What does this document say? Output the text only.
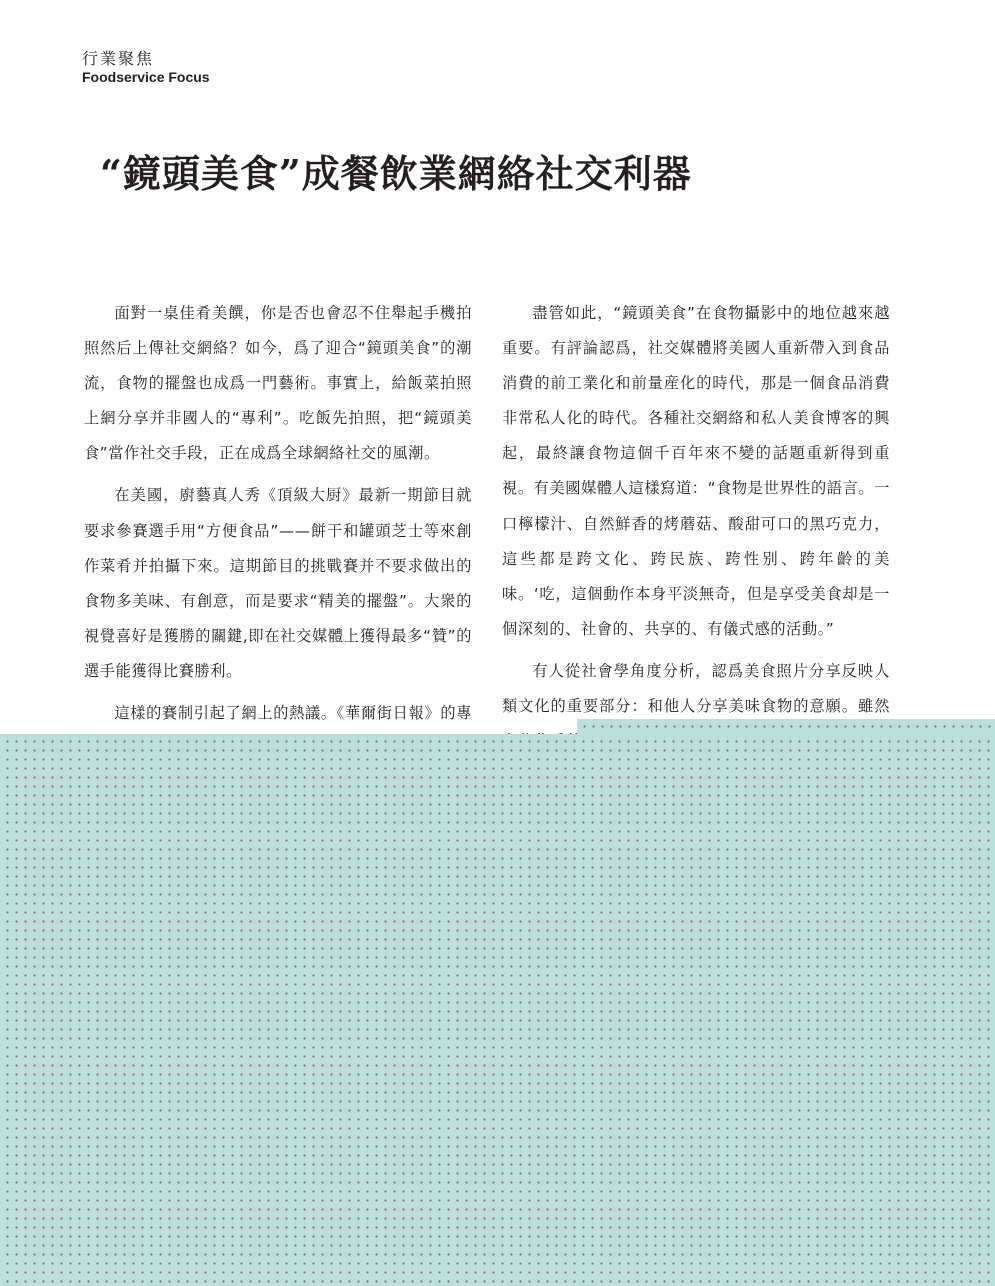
行業聚焦
Foodservice Focus
“鏡頭美食”成餐飲業網絡社交利器

面對一桌佳肴美饌，你是否也會忍不住舉起手機拍照然后上傳社交網絡？如今，爲了迎合“鏡頭美食”的潮流，食物的擺盤也成爲一門藝術。事實上，給飯菜拍照上網分享并非國人的“專利”。吃飯先拍照，把“鏡頭美食”當作社交手段，正在成爲全球網絡社交的風潮。

在美國，廚藝真人秀《頂級大厨》最新一期節目就要求參賽選手用“方便食品”——餅干和罐頭芝士等來創作菜肴并拍攝下來。這期節目的挑戰賽并不要求做出的食物多美味、有創意，而是要求“精美的擺盤”。大衆的視覺喜好是獲勝的關鍵,即在社交媒體上獲得最多“贊”的選手能獲得比賽勝利。

這樣的賽制引起了網上的熱議。《華爾街日報》的專

盡管如此，“鏡頭美食”在食物攝影中的地位越來越重要。有評論認爲，社交媒體將美國人重新帶入到食品消費的前工業化和前量産化的時代，那是一個食品消費非常私人化的時代。各種社交網絡和私人美食博客的興起，最終讓食物這個千百年來不變的話題重新得到重視。有美國媒體人這樣寫道：“食物是世界性的語言。一口檸檬汁、自然鮮香的烤蘑菇、酸甜可口的黑巧克力，這些都是跨文化、跨民族、跨性别、跨年齡的美味。‘吃，這個動作本身平淡無奇，但是享受美食却是一個深刻的、社會的、共享的、有儀式感的活動。”

有人從社會學角度分析，認爲美食照片分享反映人類文化的重要部分：和他人分享美味食物的意願。雖然
